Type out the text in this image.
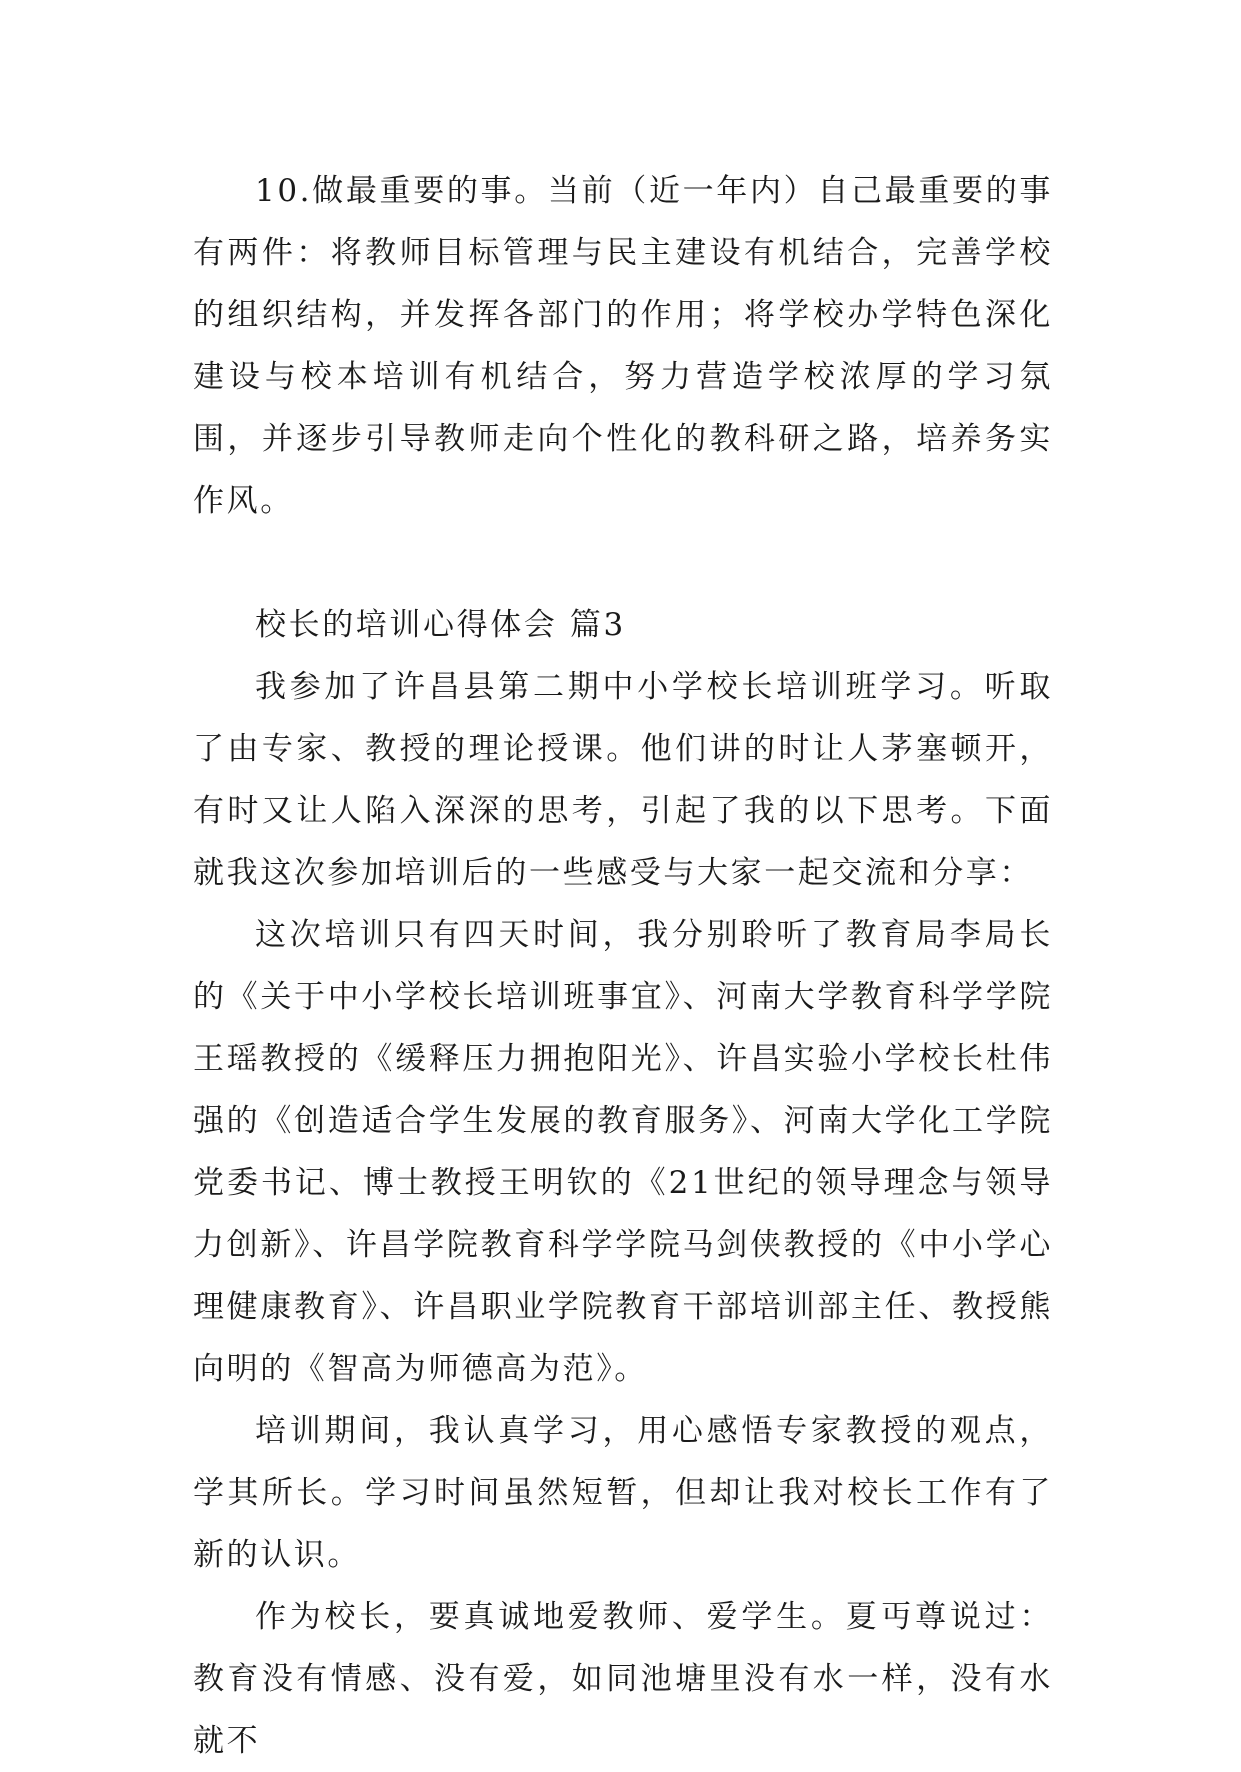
10.做最重要的事。当前（近一年内）自己最重要的事有两件：将教师目标管理与民主建设有机结合，完善学校的组织结构，并发挥各部门的作用；将学校办学特色深化建设与校本培训有机结合，努力营造学校浓厚的学习氛围，并逐步引导教师走向个性化的教科研之路，培养务实作风。

校长的培训心得体会 篇3

我参加了许昌县第二期中小学校长培训班学习。听取了由专家、教授的理论授课。他们讲的时让人茅塞顿开，有时又让人陷入深深的思考，引起了我的以下思考。下面就我这次参加培训后的一些感受与大家一起交流和分享：

这次培训只有四天时间，我分别聆听了教育局李局长的《关于中小学校长培训班事宜》、河南大学教育科学学院王瑶教授的《缓释压力拥抱阳光》、许昌实验小学校长杜伟强的《创造适合学生发展的教育服务》、河南大学化工学院党委书记、博士教授王明钦的《21世纪的领导理念与领导力创新》、许昌学院教育科学学院马剑侠教授的《中小学心理健康教育》、许昌职业学院教育干部培训部主任、教授熊向明的《智高为师德高为范》。

培训期间，我认真学习，用心感悟专家教授的观点，学其所长。学习时间虽然短暂，但却让我对校长工作有了新的认识。

作为校长，要真诚地爱教师、爱学生。夏丏尊说过：教育没有情感、没有爱，如同池塘里没有水一样，没有水就不
